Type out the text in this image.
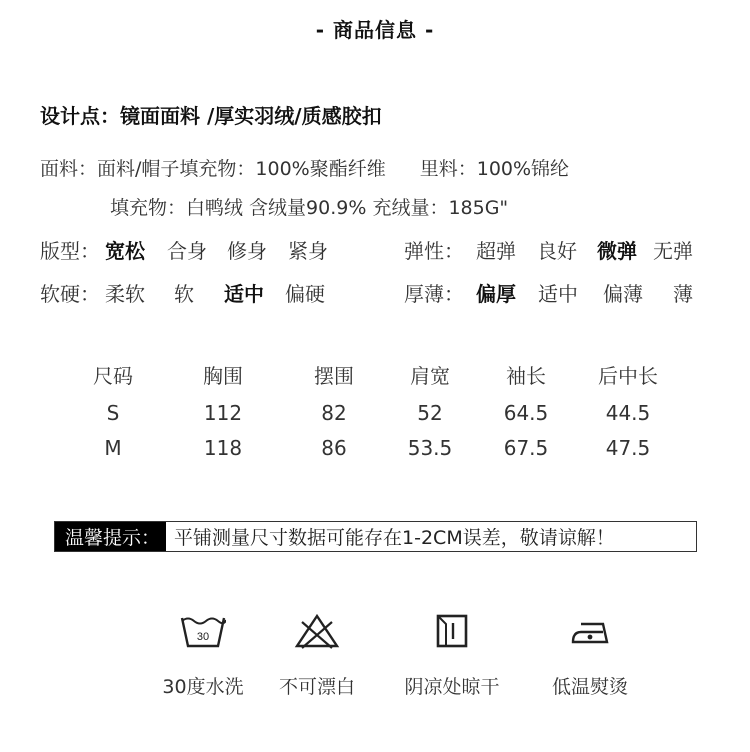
- 商品信息 -
设计点：镜面面料 /厚实羽绒/质感胶扣
面料：面料/帽子填充物：100%聚酯纤维 里料：100%锦纶
填充物：白鸭绒 含绒量90.9% 充绒量：185G"
版型： 宽松 合身 修身 紧身	弹性： 超弹 良好 微弹 无弹
软硬： 柔软 软 适中 偏硬	厚薄： 偏厚 适中 偏薄 薄
尺码	胸围	摆围	肩宽	袖长	后中长
S	112	82	52	64.5	44.5
M	118	86	53.5	67.5	47.5
温馨提示： 平铺测量尺寸数据可能存在1-2CM误差，敬请谅解！
30
30度水洗	不可漂白	阴凉处晾干	低温熨烫
